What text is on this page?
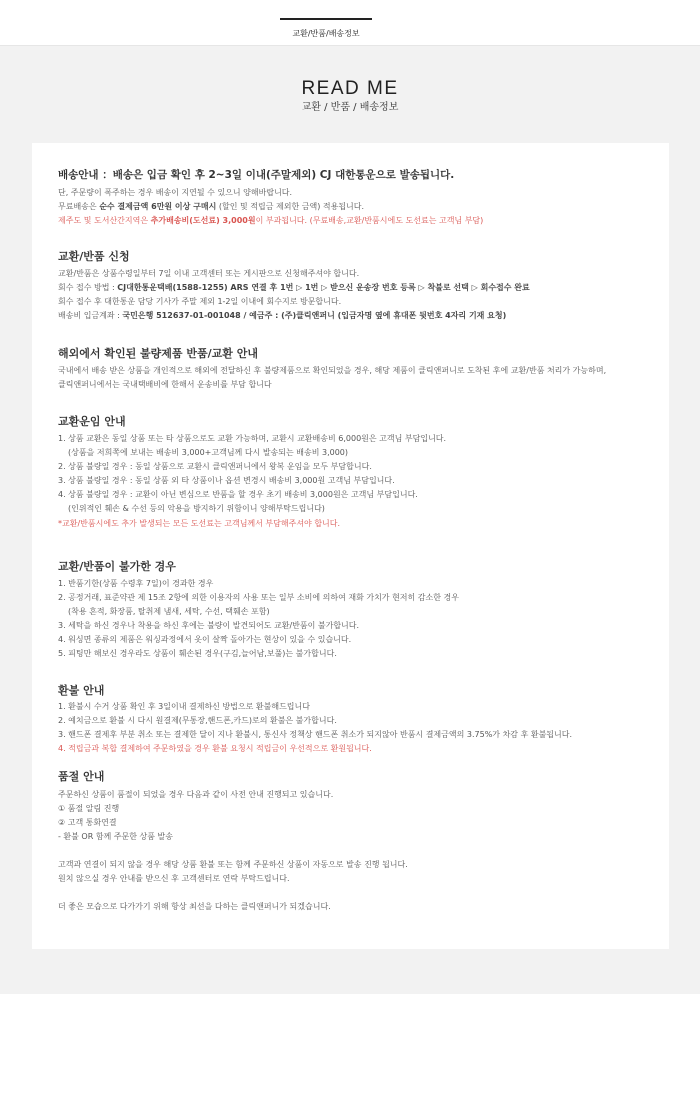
교환/반품/배송정보
READ ME
교환 / 반품 / 배송정보
배송안내 ：배송은 입금 확인 후 2~3일 이내(주말제외) CJ 대한통운으로 발송됩니다.
단, 주문량이 폭주하는 경우 배송이 지연될 수 있으니 양해바랍니다.
무료배송은 순수 결제금액 6만원 이상 구매시 (할인 및 적립금 제외한 금액) 적용됩니다.
제주도 및 도서산간지역은 추가배송비(도선료) 3,000원이 부과됩니다. (무료배송,교환/반품시에도 도선료는 고객님 부담)
교환/반품 신청
교환/반품은 상품수령일부터 7일 이내 고객센터 또는 게시판으로 신청해주셔야 합니다.
회수 접수 방법 : CJ대한통운택배(1588-1255) ARS 연결 후 1번 ▷ 1번 ▷ 받으신 운송장 번호 등록 ▷ 착불로 선택 ▷ 회수접수 완료
회수 접수 후 대한통운 담당 기사가 주말 제외 1-2일 이내에 회수지로 방문합니다.
배송비 입금계좌 : 국민은행 512637-01-001048 / 예금주 : (주)클릭앤퍼니 (입금자명 옆에 휴대폰 뒷번호 4자리 기재 요청)
해외에서 확인된 불량제품 반품/교환 안내
국내에서 배송 받은 상품을 개인적으로 해외에 전달하신 후 불량제품으로 확인되었을 경우, 해당 제품이 클릭앤퍼니로 도착된 후에 교환/반품 처리가 가능하며,
클릭앤퍼니에서는 국내택배비에 한해서 운송비를 부담 합니다
교환운임 안내
1. 상품 교환은 동일 상품 또는 타 상품으로도 교환 가능하며, 교환시 교환배송비 6,000원은 고객님 부담입니다.
(상품을 저희쪽에 보내는 배송비 3,000+고객님께 다시 발송되는 배송비 3,000)
2. 상품 불량일 경우 : 동일 상품으로 교환시 클릭앤퍼니에서 왕복 운임을 모두 부담합니다.
3. 상품 불량일 경우 : 동일 상품 외 타 상품이나 옵션 변경시 배송비 3,000원 고객님 부담입니다.
4. 상품 불량일 경우 : 교환이 아닌 변심으로 반품을 할 경우 초기 배송비 3,000원은 고객님 부담입니다.
(인위적인 훼손 & 수선 등의 악용을 방지하기 위함이니 양해부탁드립니다)
*교환/반품시에도 추가 발생되는 모든 도선료는 고객님께서 부담해주셔야 합니다.
교환/반품이 불가한 경우
1. 반품기한(상품 수령후 7일)이 경과한 경우
2. 공정거래, 표준약관 제 15조 2항에 의한 이용자의 사용 또는 일부 소비에 의하여 재화 가치가 현저히 감소한 경우
(착용 흔적, 화장품, 탈취제 냄새, 세탁, 수선, 택훼손 포함)
3. 세탁을 하신 경우나 착용을 하신 후에는 불량이 발견되어도 교환/반품이 불가합니다.
4. 워싱면 종류의 제품은 워싱과정에서 옷이 살짝 돌아가는 현상이 있을 수 있습니다.
5. 피팅만 해보신 경우라도 상품이 훼손된 경우(구김,늘어남,보풀)는 불가합니다.
환불 안내
1. 환불시 수거 상품 확인 후 3일이내 결제하신 방법으로 환불해드립니다
2. 예치금으로 환불 시 다시 원결제(무통장,핸드폰,카드)로의 환불은 불가합니다.
3. 핸드폰 결제후 부분 취소 또는 결제한 달이 지나 환불시, 통신사 정책상 핸드폰 취소가 되지않아 반품시 결제금액의 3.75%가 차감 후 환불됩니다.
4. 적립금과 복합 결제하여 주문하였을 경우 환불 요청시 적립금이 우선적으로 환원됩니다.
품절 안내
주문하신 상품이 품절이 되었을 경우 다음과 같이 사전 안내 진행되고 있습니다.
① 품절 알림 진행
② 고객 통화연결
- 환불 OR 함께 주문한 상품 발송
고객과 연결이 되지 않을 경우 해당 상품 환불 또는 함께 주문하신 상품이 자동으로 발송 진행 됩니다.
원치 않으실 경우 안내를 받으신 후 고객센터로 연락 부탁드립니다.
더 좋은 모습으로 다가가기 위해 항상 최선을 다하는 클릭앤퍼니가 되겠습니다.
